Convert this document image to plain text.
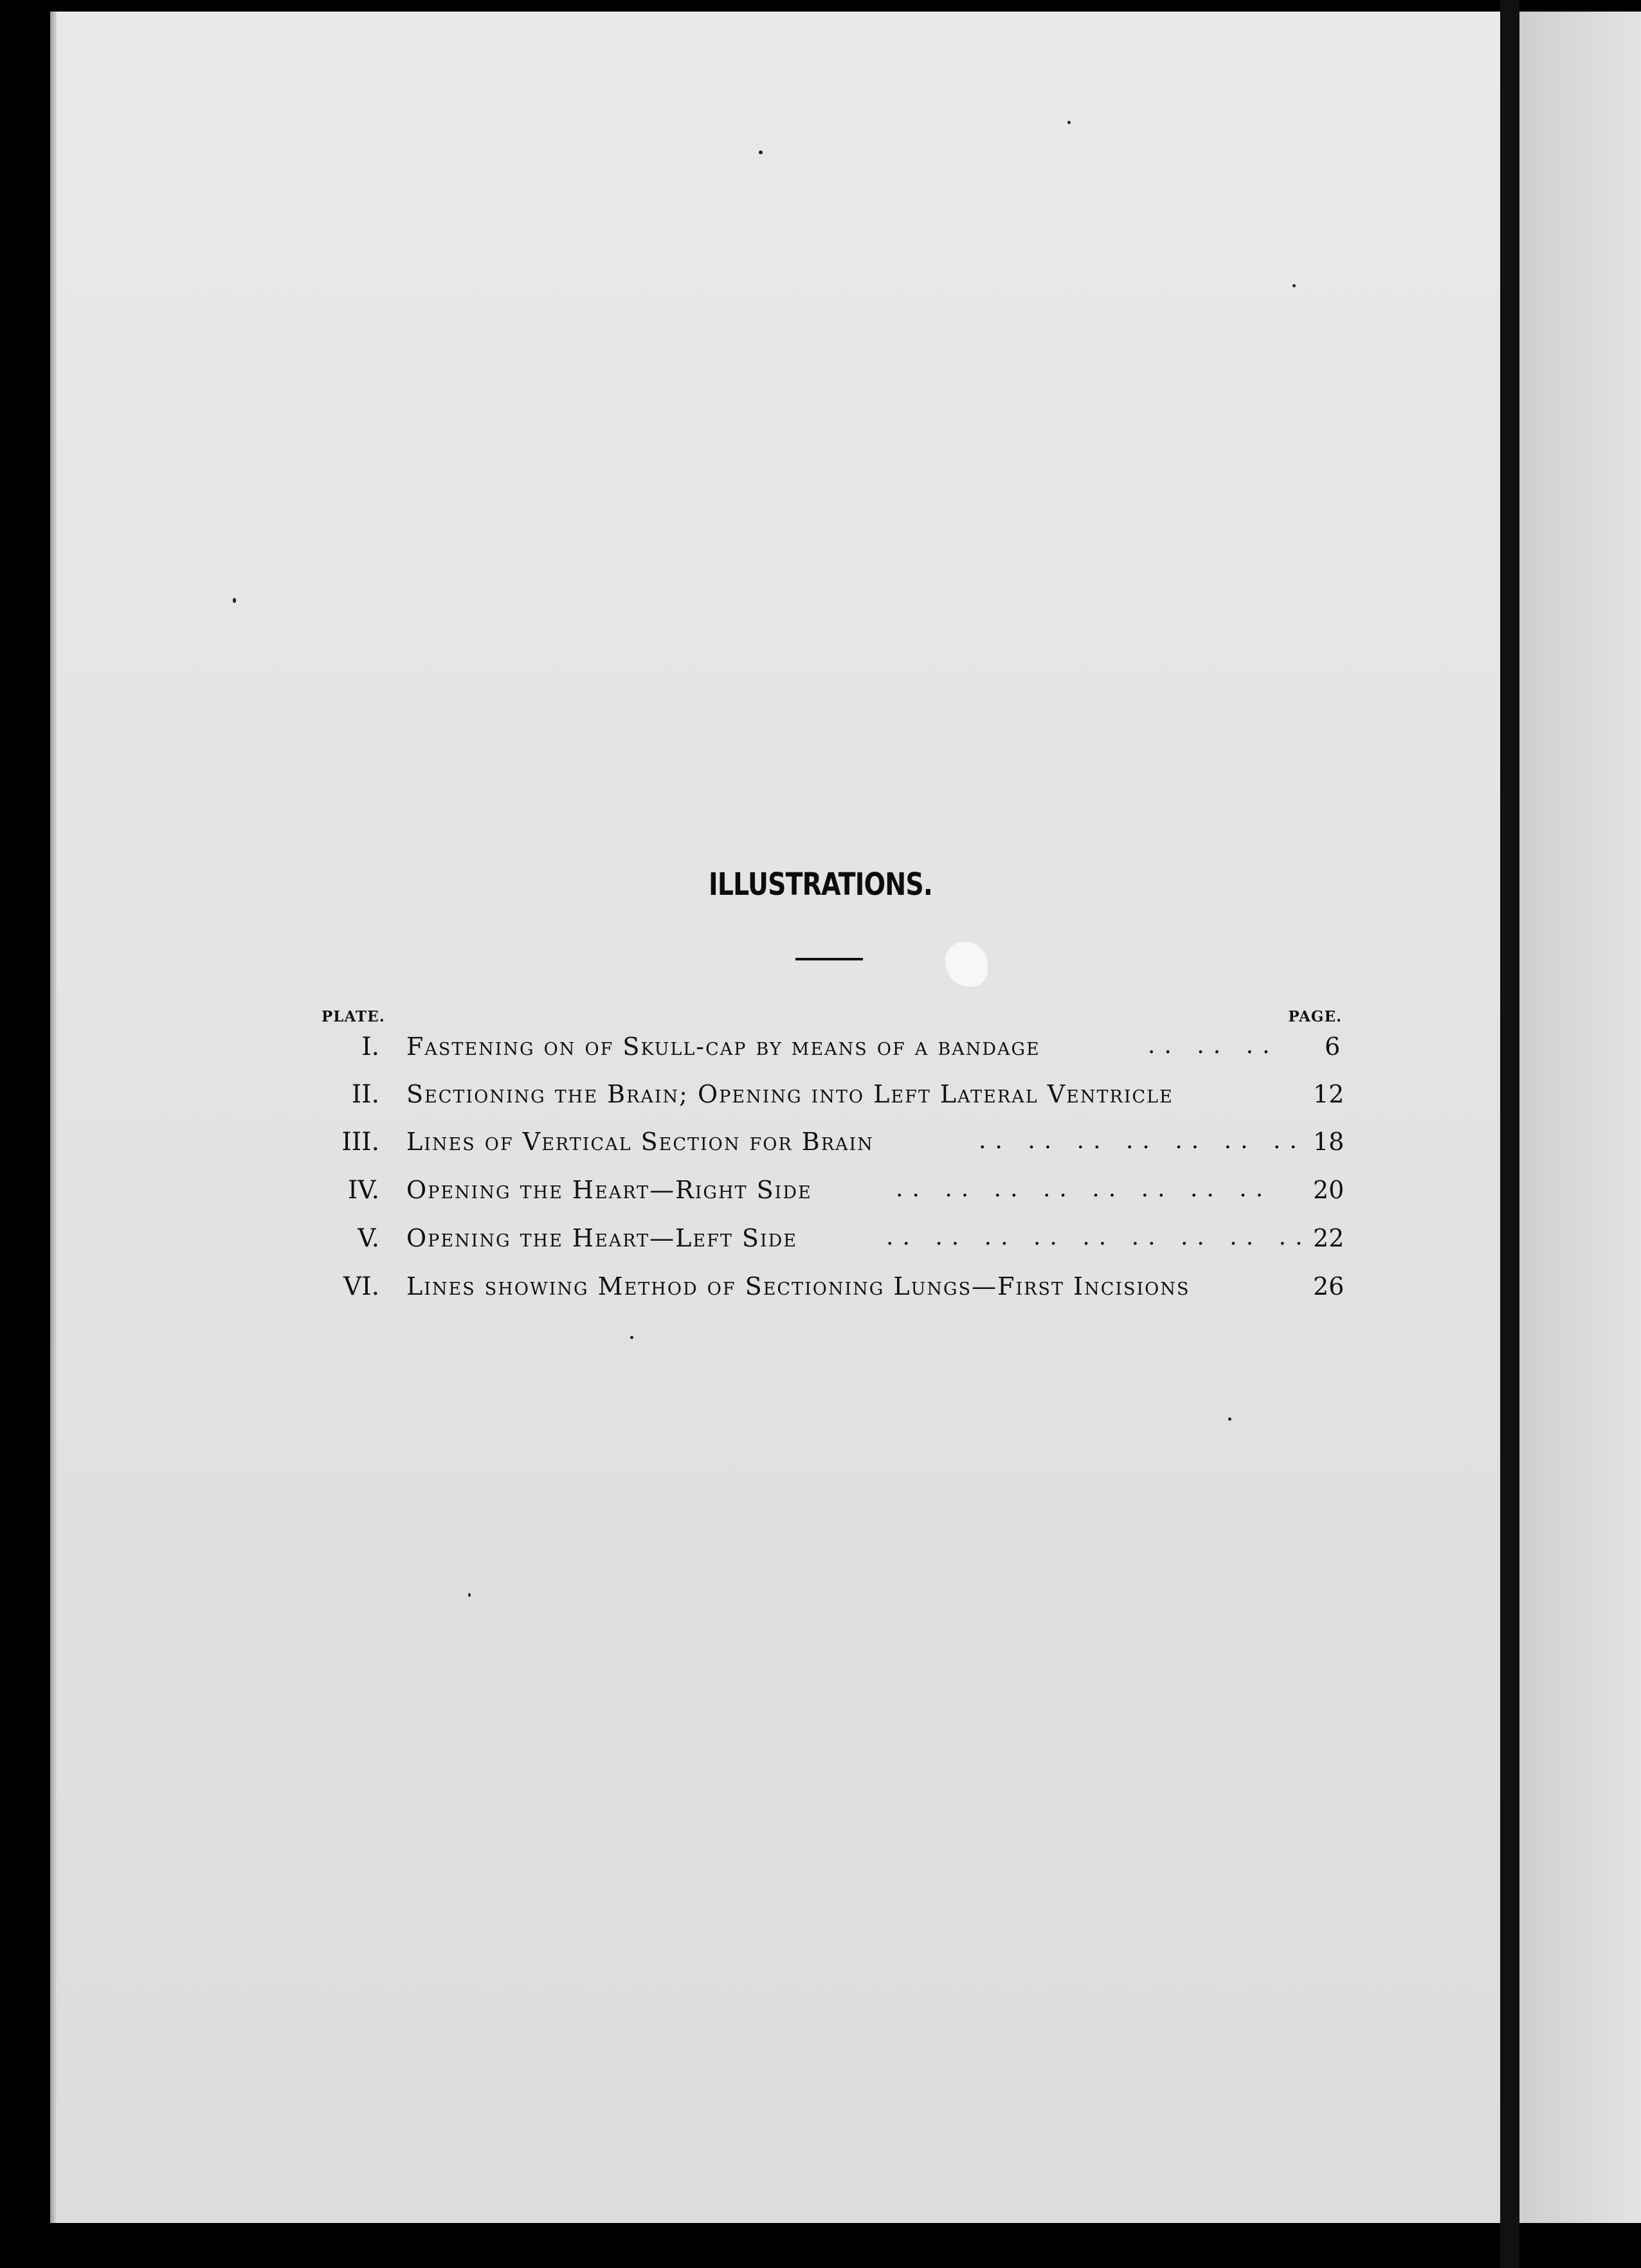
ILLUSTRATIONS.
PLATE.	PAGE.
I. Fastening on of Skull-cap by means of a bandage	.. .. .. 6
II. Sectioning the Brain; Opening into Left Lateral Ventricle	12
III. Lines of Vertical Section for Brain	.. .. .. .. .. .. .. 18
IV. Opening the Heart—Right Side	.. .. .. .. .. .. .. .. 20
V. Opening the Heart—Left Side	.. .. .. .. .. .. .. .. .. 22
VI. Lines showing Method of Sectioning Lungs—First Incisions	26
